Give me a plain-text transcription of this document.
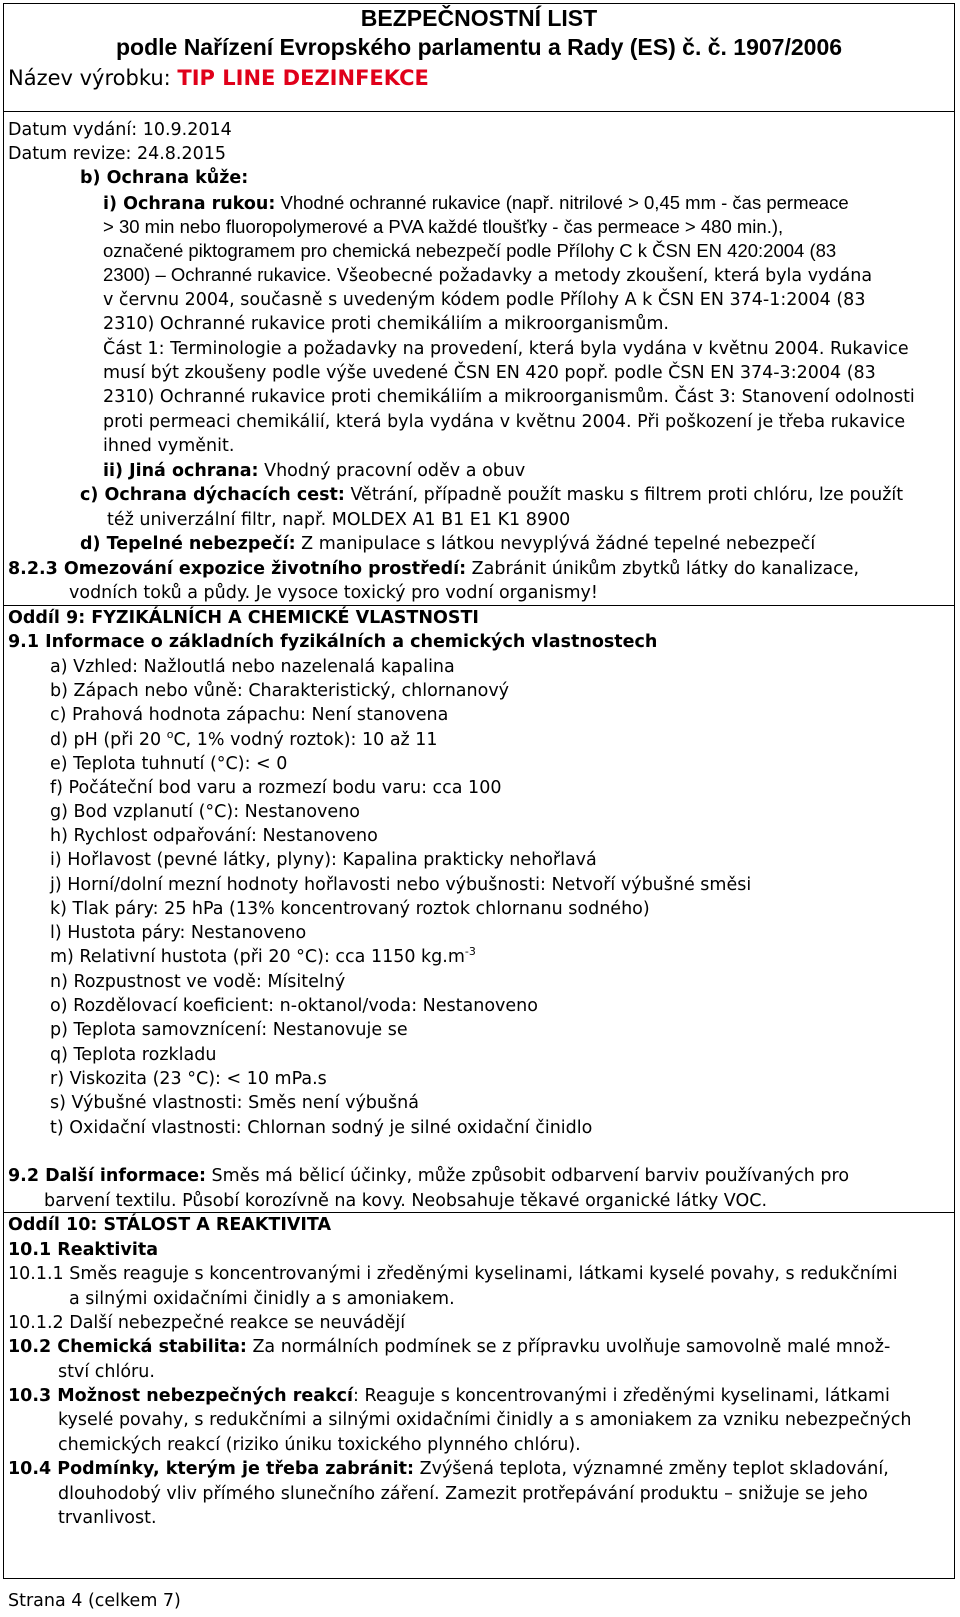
BEZPEČNOSTNÍ LIST
podle Nařízení Evropského parlamentu a Rady (ES) č. č. 1907/2006
Název výrobku: TIP LINE DEZINFEKCE
Datum vydání: 10.9.2014
Datum revize: 24.8.2015
b) Ochrana kůže:
i) Ochrana rukou: Vhodné ochranné rukavice (např. nitrilové > 0,45 mm - čas permeace
> 30 min nebo fluoropolymerové a PVA každé tloušťky - čas permeace > 480 min.),
označené piktogramem pro chemická nebezpečí podle Přílohy C k ČSN EN 420:2004 (83
2300) – Ochranné rukavice. Všeobecné požadavky a metody zkoušení, která byla vydána
v červnu 2004, současně s uvedeným kódem podle Přílohy A k ČSN EN 374-1:2004 (83
2310) Ochranné rukavice proti chemikáliím a mikroorganismům.
Část 1: Terminologie a požadavky na provedení, která byla vydána v květnu 2004. Rukavice
musí být zkoušeny podle výše uvedené ČSN EN 420 popř. podle ČSN EN 374-3:2004 (83
2310) Ochranné rukavice proti chemikáliím a mikroorganismům. Část 3: Stanovení odolnosti
proti permeaci chemikálií, která byla vydána v květnu 2004. Při poškození je třeba rukavice
ihned vyměnit.
ii) Jiná ochrana: Vhodný pracovní oděv a obuv
c) Ochrana dýchacích cest: Větrání, případně použít masku s filtrem proti chlóru, lze použít
též univerzální filtr, např. MOLDEX A1 B1 E1 K1 8900
d) Tepelné nebezpečí: Z manipulace s látkou nevyplývá žádné tepelné nebezpečí
8.2.3 Omezování expozice životního prostředí: Zabránit únikům zbytků látky do kanalizace,
vodních toků a půdy. Je vysoce toxický pro vodní organismy!
Oddíl 9: FYZIKÁLNÍCH A CHEMICKÉ VLASTNOSTI
9.1 Informace o základních fyzikálních a chemických vlastnostech
a) Vzhled: Nažloutlá nebo nazelenalá kapalina
b) Zápach nebo vůně: Charakteristický, chlornanový
c) Prahová hodnota zápachu: Není stanovena
d) pH (při 20 $^o$C, 1% vodný roztok): 10 až 11
e) Teplota tuhnutí (°C): < 0
f) Počáteční bod varu a rozmezí bodu varu: cca 100
g) Bod vzplanutí (°C): Nestanoveno
h) Rychlost odpařování: Nestanoveno
i) Hořlavost (pevné látky, plyny): Kapalina prakticky nehořlavá
j) Horní/dolní mezní hodnoty hořlavosti nebo výbušnosti: Netvoří výbušné směsi
k) Tlak páry: 25 hPa (13% koncentrovaný roztok chlornanu sodného)
l) Hustota páry: Nestanoveno
m) Relativní hustota (při 20 °C): cca 1150 $kg.m^{-3}$
n) Rozpustnost ve vodě: Mísitelný
o) Rozdělovací koeficient: n-oktanol/voda: Nestanoveno
p) Teplota samovznícení: Nestanovuje se
q) Teplota rozkladu
r) Viskozita (23 °C): < 10 mPa.s
s) Výbušné vlastnosti: Směs není výbušná
t) Oxidační vlastnosti: Chlornan sodný je silné oxidační činidlo
9.2 Další informace: Směs má bělicí účinky, může způsobit odbarvení barviv používaných pro
barvení textilu. Působí korozívně na kovy. Neobsahuje těkavé organické látky VOC.
Oddíl 10: STÁLOST A REAKTIVITA
10.1 Reaktivita
10.1.1 Směs reaguje s koncentrovanými i zředěnými kyselinami, látkami kyselé povahy, s redukčními
a silnými oxidačními činidly a s amoniakem.
10.1.2 Další nebezpečné reakce se neuvádějí
10.2 Chemická stabilita: Za normálních podmínek se z přípravku uvolňuje samovolně malé množ-
ství chlóru.
10.3 Možnost nebezpečných reakcí: Reaguje s koncentrovanými i zředěnými kyselinami, látkami
kyselé povahy, s redukčními a silnými oxidačními činidly a s amoniakem za vzniku nebezpečných
chemických reakcí (riziko úniku toxického plynného chlóru).
10.4 Podmínky, kterým je třeba zabránit: Zvýšená teplota, významné změny teplot skladování,
dlouhodobý vliv přímého slunečního záření. Zamezit protřepávání produktu – snižuje se jeho
trvanlivost.
Strana 4 (celkem 7)
